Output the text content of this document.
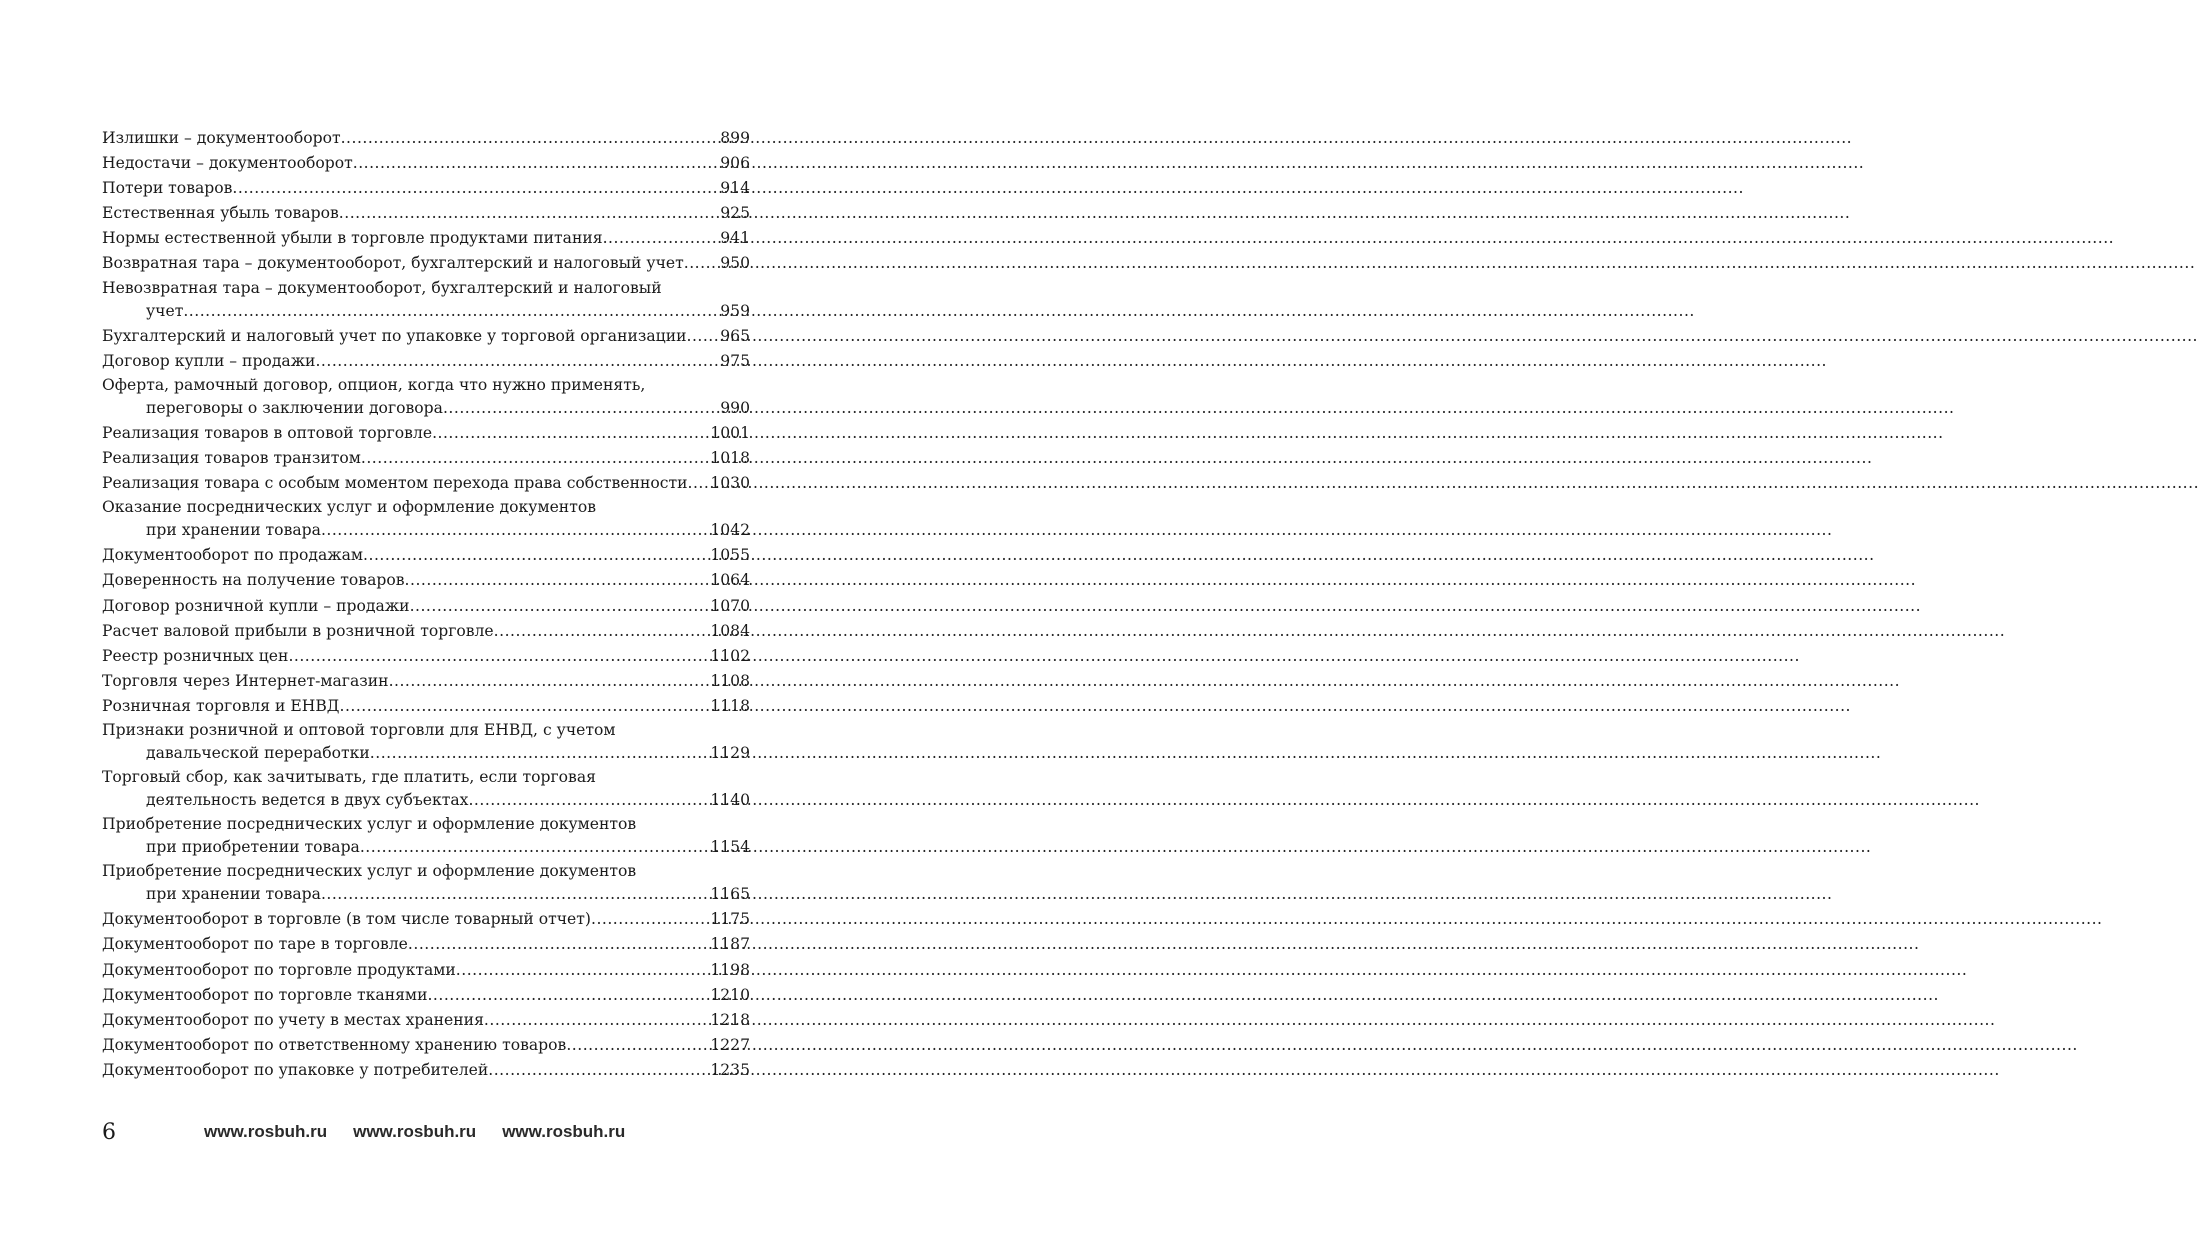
Излишки – документооборот .....	899
Недостачи – документооборот .....	906
Потери товаров .....	914
Естественная убыль товаров .....	925
Нормы естественной убыли в торговле продуктами питания .....	941
Возвратная тара – документооборот, бухгалтерский и налоговый учет .....	950
Невозвратная тара – документооборот, бухгалтерский и налоговый
учет .....	959
Бухгалтерский и налоговый учет по упаковке у торговой организации .....	965
Договор купли – продажи .....	975
Оферта, рамочный договор, опцион, когда что нужно применять,
переговоры о заключении договора .....	990
Реализация товаров в оптовой торговле .....	1001
Реализация товаров транзитом .....	1018
Реализация товара с особым моментом перехода права собственности ..... 1030
Оказание посреднических услуг и оформление документов
при хранении товара .....	1042
Документооборот по продажам .....	1055
Доверенность на получение товаров .....	1064
Договор розничной купли – продажи .....	1070
Расчет валовой прибыли в розничной торговле .....	1084
Реестр розничных цен .....	1102
Торговля через Интернет-магазин .....	1108
Розничная торговля и ЕНВД .....	1118
Признаки розничной и оптовой торговли для ЕНВД, с учетом
давальческой переработки .....	1129
Торговый сбор, как зачитывать, где платить, если торговая
деятельность ведется в двух субъектах .....	1140
Приобретение посреднических услуг и оформление документов
при приобретении товара .....	1154
Приобретение посреднических услуг и оформление документов
при хранении товара .....	1165
Документооборот в торговле (в том числе товарный отчет) .....	1175
Документооборот по таре в торговле .....	1187
Документооборот по торговле продуктами .....	1198
Документооборот по торговле тканями .....	1210
Документооборот по учету в местах хранения .....	1218
Документооборот по ответственному хранению товаров .....	1227
Документооборот по упаковке у потребителей .....	1235
6	www.rosbuh.ru www.rosbuh.ru www.rosbuh.ru
